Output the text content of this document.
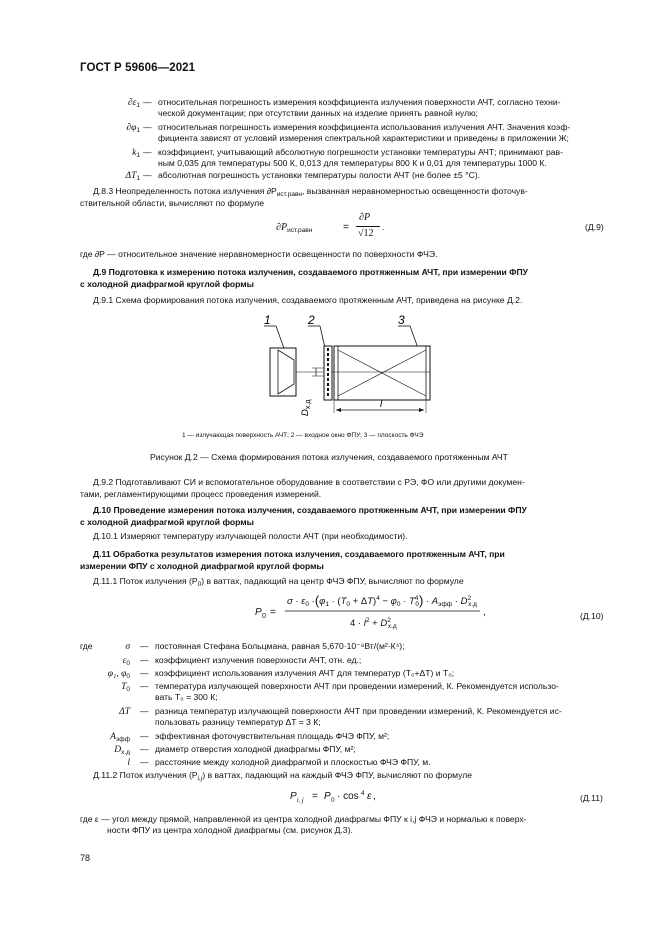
ГОСТ Р 59606—2021
$\partial\varepsilon_1$ — относительная погрешность измерения коэффициента излучения поверхности АЧТ, согласно техни-
ческой документации; при отсутствии данных на изделие принять равной нулю;
$\partial\varphi_1$ — относительная погрешность измерения коэффициента использования излучения АЧТ. Значения коэф-
фициента зависят от условий измерения спектральной характеристики и приведены в приложении Ж;
$k_1$ — коэффициент, учитывающий абсолютную погрешности установки температуры АЧТ; принимают рав-
ным 0,035 для температуры 500 К, 0,013 для температуры 800 К и 0,01 для температуры 1000 К.
$\Delta T_1$ — абсолютная погрешность установки температуры полости АЧТ (не более ±5 °С).
Д.8.3 Неопределенность потока излучения $\partial P_{ист.равн}$, вызванная неравномерностью освещенности фоточув-
ствительной области, вычисляют по формуле
$\partial P_{ист.равн}$	=
∂P
√12
.	(Д.9)
где ∂P — относительное значение неравномерности освещенности по поверхности ФЧЭ.
Д.9 Подготовка к измерению потока излучения, создаваемого протяженным АЧТ, при измерении ФПУ
с холодной диафрагмой круглой формы
Д.9.1 Схема формирования потока излучения, создаваемого протяженным АЧТ, приведена на рисунке Д.2.
1	2	3
$D_{х.д}$	l
1 — излучающая поверхность АЧТ; 2 — входное окно ФПУ; 3 — плоскость ФЧЭ
Рисунок Д.2 — Схема формирования потока излучения, создаваемого протяженным АЧТ
Д.9.2 Подготавливают СИ и вспомогательное оборудование в соответствии с РЭ, ФО или другими докумен-
тами, регламентирующими процесс проведения измерений.
Д.10 Проведение измерения потока излучения, создаваемого протяженным АЧТ, при измерении ФПУ
с холодной диафрагмой круглой формы
Д.10.1 Измеряют температуру излучающей полости АЧТ (при необходимости).
Д.11 Обработка результатов измерения потока излучения, создаваемого протяженным АЧТ, при
измерении ФПУ с холодной диафрагмой круглой формы
Д.11.1 Поток излучения $(P_0)$ в ваттах, падающий на центр ФЧЭ ФПУ, вычисляют по формуле
P 0 =
$\sigma \cdot \varepsilon_0 \cdot(\varphi_1 \cdot (T_0 + \Delta T)^4 - \varphi_0 \cdot T^4$ $0) \cdot A_{эфф} \cdot D^2$ х.д
$4 \cdot l^2 + D^2$ х.д
,	(Д.10)
где	σ — постоянная Стефана Больцмана, равная 5,670·10⁻⁸Вт/(м²·К⁴);
$\varepsilon_0$ — коэффициент излучения поверхности АЧТ, отн. ед.;
φ₁, $\varphi_0$ — коэффициент использования излучения АЧТ для температур (T₀+ΔT) и T₀;
$T_0$ — температура излучающей поверхности АЧТ при проведении измерений, К. Рекомендуется использо-
вать T₀ = 300 К;
ΔT — разница температур излучающей поверхности АЧТ при проведении измерений, К. Рекомендуется ис-
пользовать разницу температур ΔT = 3 К;
$A_{эфф}$ — эффективная фоточувствительная площадь ФЧЭ ФПУ, м²;
$D_{х.д}$ — диаметр отверстия холодной диафрагмы ФПУ, м²;
l — расстояние между холодной диафрагмой и плоскостью ФЧЭ ФПУ, м.
Д.11.2 Поток излучения $(P_{i,j})$ в ваттах, падающий на каждый ФЧЭ ФПУ, вычисляют по формуле
P i, j = P 0 · cos 4 ε ,	(Д.11)
где ε — угол между прямой, направленной из центра холодной диафрагмы ФПУ к i,j ФЧЭ и нормалью к поверх-
ности ФПУ из центра холодной диафрагмы (см. рисунок Д.3).
78
